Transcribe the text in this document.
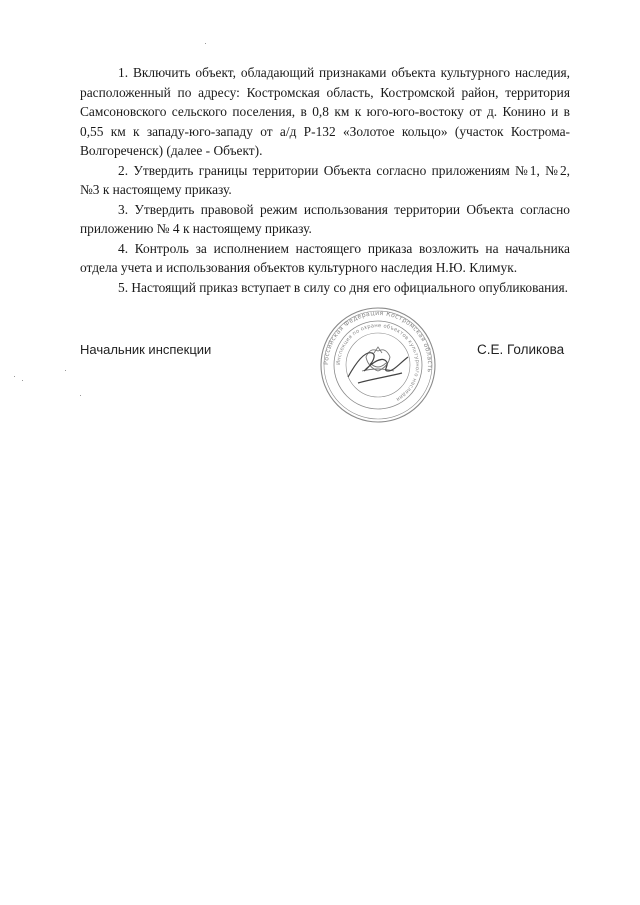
1. Включить объект, обладающий признаками объекта культурного наследия, расположенный по адресу: Костромская область, Костромской район, территория Самсоновского сельского поселения, в 0,8 км к юго-юго-востоку от д. Конино и в 0,55 км к западу-юго-западу от а/д Р-132 «Золотое кольцо» (участок Кострома-Волгореченск) (далее - Объект).

2. Утвердить границы территории Объекта согласно приложениям №1, №2, №3 к настоящему приказу.

3. Утвердить правовой режим использования территории Объекта согласно приложению № 4 к настоящему приказу.

4. Контроль за исполнением настоящего приказа возложить на начальника отдела учета и использования объектов культурного наследия Н.Ю. Климук.

5. Настоящий приказ вступает в силу со дня его официального опубликования.

Начальник инспекции	С.Е. Голикова
Российская Федерация Костромская область
Инспекция по охране объектов культурного наследия
